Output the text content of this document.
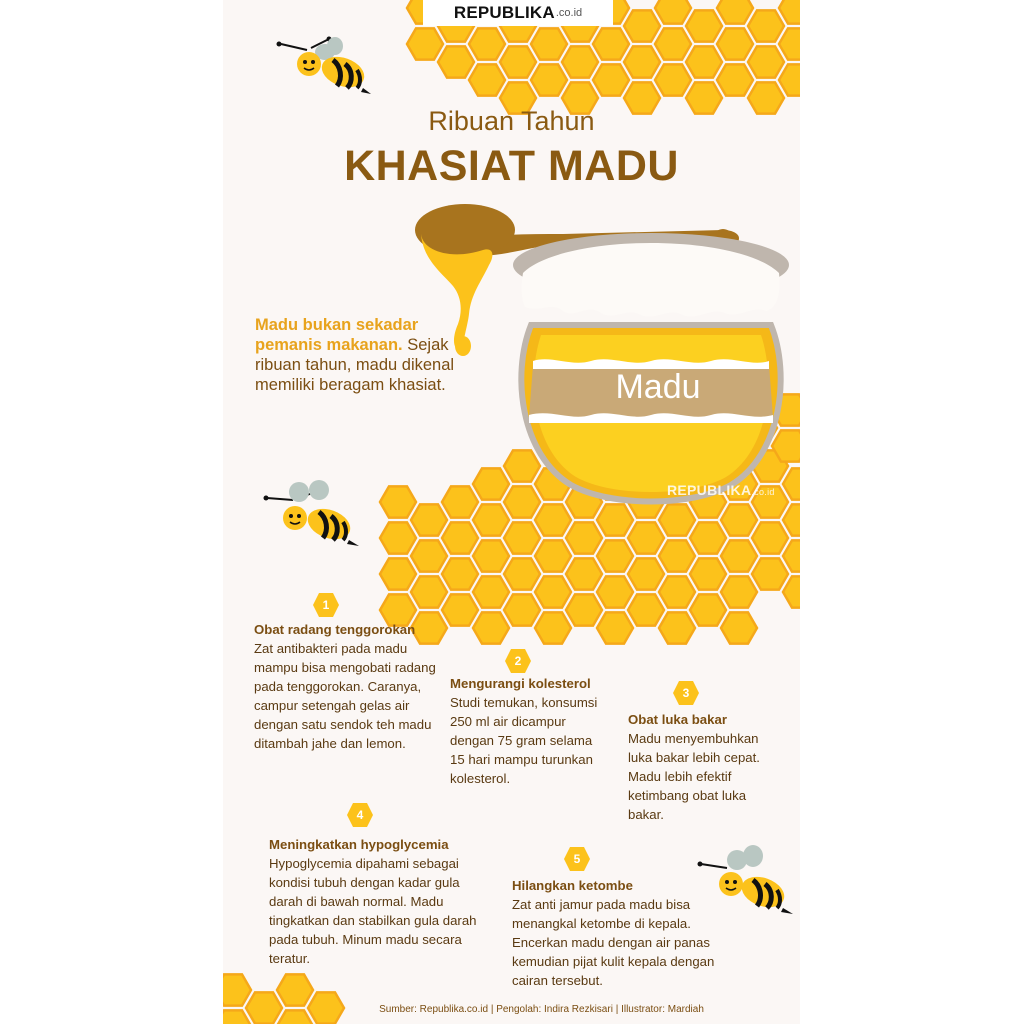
REPUBLIKA .co.id
Ribuan Tahun
KHASIAT MADU
Madu
REPUBLIKA.co.id
Madu bukan sekadar pemanis makanan. Sejak ribuan tahun, madu dikenal memiliki beragam khasiat.
1
2
3
4
5
Obat radang tenggorokan
Zat antibakteri pada madu mampu bisa mengobati radang pada tenggorokan. Caranya, campur setengah gelas air dengan satu sendok teh madu ditambah jahe dan lemon.
Mengurangi kolesterol
Studi temukan, konsumsi 250 ml air dicampur dengan 75 gram selama 15 hari mampu turunkan kolesterol.
Obat luka bakar
Madu menyembuhkan luka bakar lebih cepat. Madu lebih efektif ketimbang obat luka bakar.
Meningkatkan hypoglycemia
Hypoglycemia dipahami sebagai kondisi tubuh dengan kadar gula darah di bawah normal. Madu tingkatkan dan stabilkan gula darah pada tubuh. Minum madu secara teratur.
Hilangkan ketombe
Zat anti jamur pada madu bisa menangkal ketombe di kepala. Encerkan madu dengan air panas kemudian pijat kulit kepala dengan cairan tersebut.
Sumber: Republika.co.id | Pengolah: Indira Rezkisari | Illustrator: Mardiah
